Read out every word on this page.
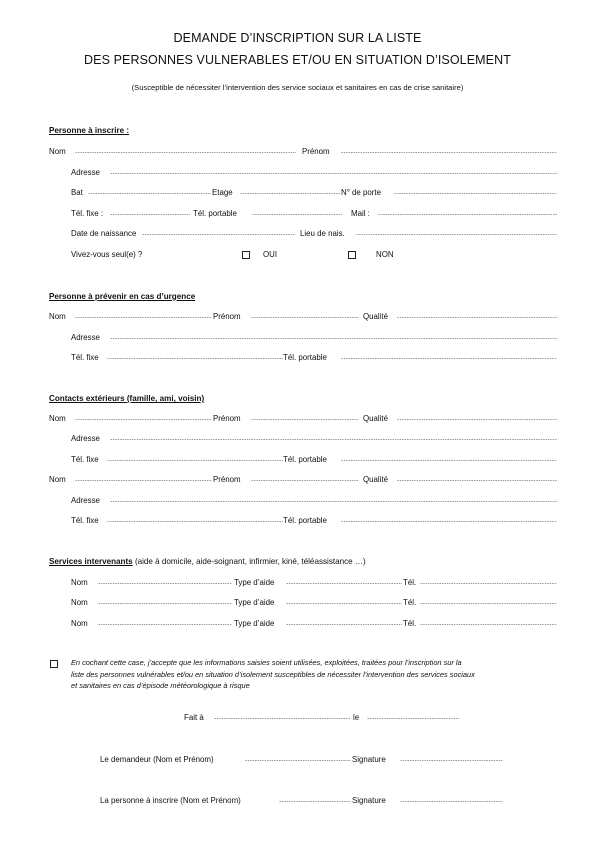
DEMANDE D’INSCRIPTION SUR LA LISTE
DES PERSONNES VULNERABLES ET/OU EN SITUATION D’ISOLEMENT
(Susceptible de nécessiter l’intervention des service sociaux et sanitaires en cas de crise sanitaire)
Personne à inscrire :
Nom	Prénom
Adresse
Bat	Etage	N° de porte
Tél. fixe :	Tél. portable	Mail :
Date de naissance	Lieu de nais.
Vivez-vous seul(e) ?	OUI	NON
Personne à prévenir en cas d’urgence
Nom	Prénom	Qualité
Adresse
Tél. fixe	Tél. portable
Contacts extérieurs (famille, ami, voisin)
Nom	Prénom	Qualité
Adresse
Tél. fixe	Tél. portable
Nom	Prénom	Qualité
Adresse
Tél. fixe	Tél. portable
Services intervenants (aide à domicile, aide-soignant, infirmier, kiné, téléassistance …)
Nom	Type d’aide	Tél.
Nom	Type d’aide	Tél.
Nom	Type d’aide	Tél.
En cochant cette case, j’accepte que les informations saisies soient utilisées, exploitées, traitées pour l’inscription sur la
liste des personnes vulnérables et/ou en situation d’isolement susceptibles de nécessiter l’intervention des services sociaux
et sanitaires en cas d’épisode météorologique à risque
Fait à	le
Le demandeur (Nom et Prénom)	Signature
La personne à inscrire (Nom et Prénom)	Signature
